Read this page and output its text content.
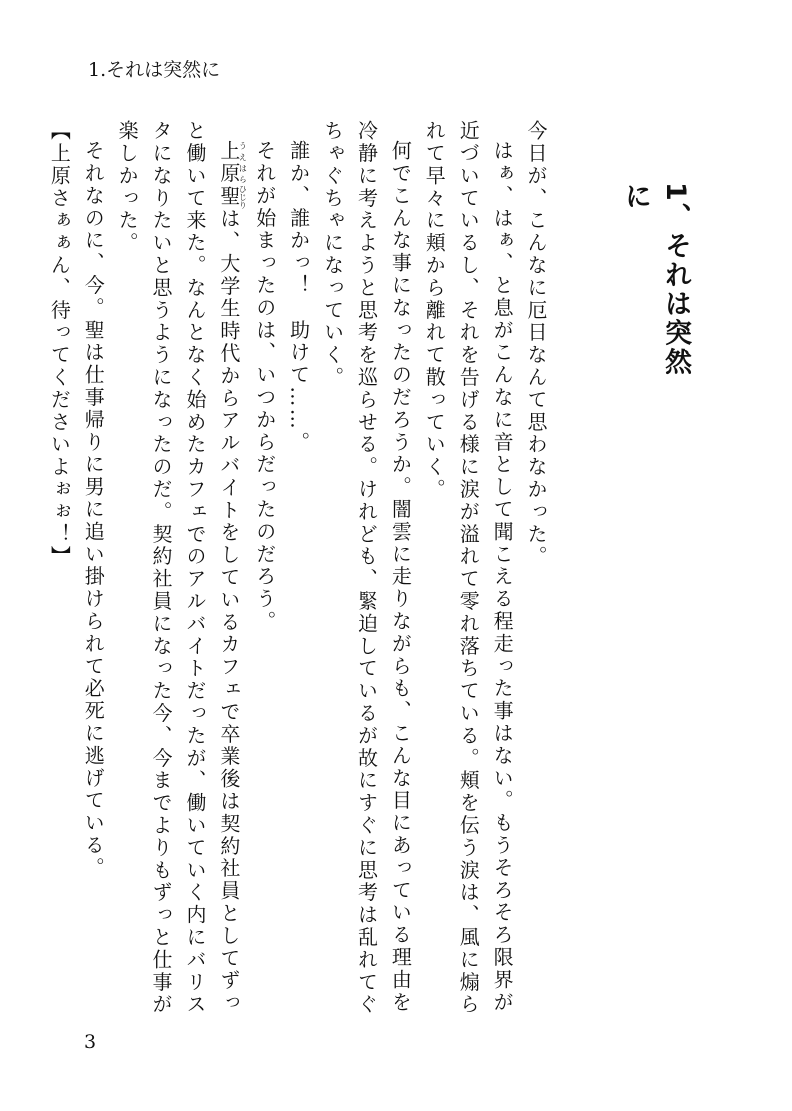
1.それは突然に
1、それは突然に

今日が、こんなに厄日なんて思わなかった。

はぁ、はぁ、と息がこんなに音として聞こえる程走った事はない。もうそろそろ限界が近づいているし、それを告げる様に涙が溢れて零れ落ちている。頬を伝う涙は、風に煽られて早々に頬から離れて散っていく。

何でこんな事になったのだろうか。闇雲に走りながらも、こんな目にあっている理由を冷静に考えようと思考を巡らせる。けれども、緊迫しているが故にすぐに思考は乱れてぐちゃぐちゃになっていく。

誰か、誰かっ！　助けて……。

それが始まったのは、いつからだったのだろう。

上原うえはら聖ひじりは、大学生時代からアルバイトをしているカフェで卒業後は契約社員としてずっと働いて来た。なんとなく始めたカフェでのアルバイトだったが、働いていく内にバリスタになりたいと思うようになったのだ。契約社員になった今、今までよりもずっと仕事が楽しかった。

それなのに、今。聖は仕事帰りに男に追い掛けられて必死に逃げている。

【上原さぁぁん、待ってくださいよぉぉ！】

3
